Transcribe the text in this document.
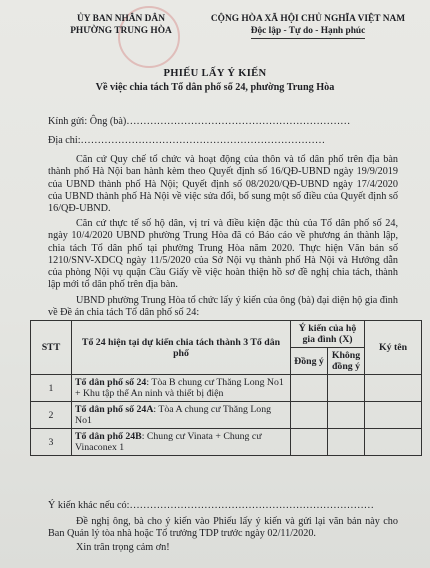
ỦY BAN NHÂN DÂN
PHƯỜNG TRUNG HÒA
CỘNG HÒA XÃ HỘI CHỦ NGHĨA VIỆT NAM
Độc lập - Tự do - Hạnh phúc
PHIẾU LẤY Ý KIẾN
Về việc chia tách Tổ dân phố số 24, phường Trung Hòa
Kính gửi: Ông (bà)…………………………………………………………
Địa chỉ:………………………………………………………………
Căn cứ Quy chế tổ chức và hoạt động của thôn và tổ dân phố trên địa bàn thành phố Hà Nội ban hành kèm theo Quyết định số 16/QĐ-UBND ngày 19/9/2019 của UBND thành phố Hà Nội; Quyết định số 08/2020/QĐ-UBND ngày 17/4/2020 của UBND thành phố Hà Nội về việc sửa đổi, bổ sung một số điều của Quyết định số 16/QĐ-UBND.
Căn cứ thực tế số hộ dân, vị trí và điều kiện đặc thù của Tổ dân phố số 24, ngày 10/4/2020 UBND phường Trung Hòa đã có Báo cáo về phương án thành lập, chia tách Tổ dân phố tại phường Trung Hòa năm 2020. Thực hiện Văn bản số 1210/SNV-XDCQ ngày 11/5/2020 của Sở Nội vụ thành phố Hà Nội và Hướng dẫn của phòng Nội vụ quận Cầu Giấy về việc hoàn thiện hồ sơ đề nghị chia tách, thành lập mới tổ dân phố trên địa bàn.
UBND phường Trung Hòa tổ chức lấy ý kiến của ông (bà) đại diện hộ gia đình về Đề án chia tách Tổ dân phố số 24:
STT	Tổ 24 hiện tại dự kiến chia tách thành 3 Tổ dân phố	Ý kiến của hộ gia đình (X)		Ký tên
		Đồng ý	Không đồng ý	
1	Tổ dân phố số 24: Tòa B chung cư Thăng Long No1 + Khu tập thể An ninh và thiết bị điện			
2	Tổ dân phố số 24A: Tòa A chung cư Thăng Long No1			
3	Tổ dân phố 24B: Chung cư Vinata + Chung cư Vinaconex 1			
Ý kiến khác nếu có:………………………………………………………………
Đề nghị ông, bà cho ý kiến vào Phiếu lấy ý kiến và gửi lại văn bản này cho Ban Quản lý tòa nhà hoặc Tổ trưởng TDP trước ngày 02/11/2020.
Xin trân trọng cảm ơn!
